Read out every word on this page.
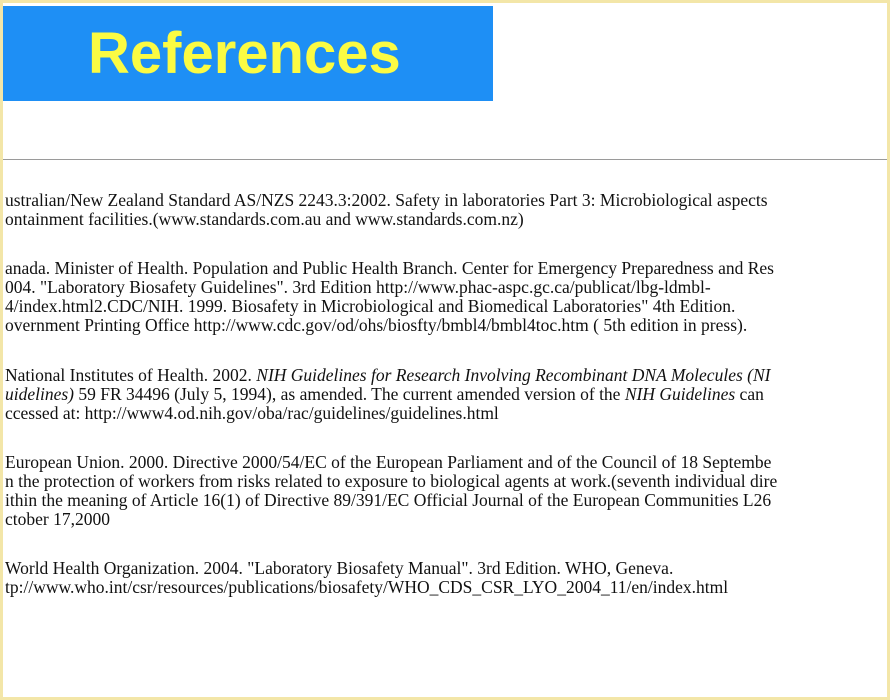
References
ustralian/New Zealand Standard AS/NZS 2243.3:2002. Safety in laboratories Part 3: Microbiological aspects
ontainment facilities.(www.standards.com.au and www.standards.com.nz)
anada. Minister of Health. Population and Public Health Branch. Center for Emergency Preparedness and Res
004. "Laboratory Biosafety Guidelines". 3rd Edition http://www.phac-aspc.gc.ca/publicat/lbg-ldmbl-
4/index.html2.CDC/NIH. 1999. Biosafety in Microbiological and Biomedical Laboratories" 4th Edition.
overnment Printing Office http://www.cdc.gov/od/ohs/biosfty/bmbl4/bmbl4toc.htm ( 5th edition in press).
National Institutes of Health. 2002. NIH Guidelines for Research Involving Recombinant DNA Molecules (NI
uidelines) 59 FR 34496 (July 5, 1994), as amended. The current amended version of the NIH Guidelines can
ccessed at: http://www4.od.nih.gov/oba/rac/guidelines/guidelines.html
European Union. 2000. Directive 2000/54/EC of the European Parliament and of the Council of 18 Septembe
n the protection of workers from risks related to exposure to biological agents at work.(seventh individual dire
ithin the meaning of Article 16(1) of Directive 89/391/EC Official Journal of the European Communities L26
ctober 17,2000
World Health Organization. 2004. "Laboratory Biosafety Manual". 3rd Edition. WHO, Geneva.
tp://www.who.int/csr/resources/publications/biosafety/WHO_CDS_CSR_LYO_2004_11/en/index.html
